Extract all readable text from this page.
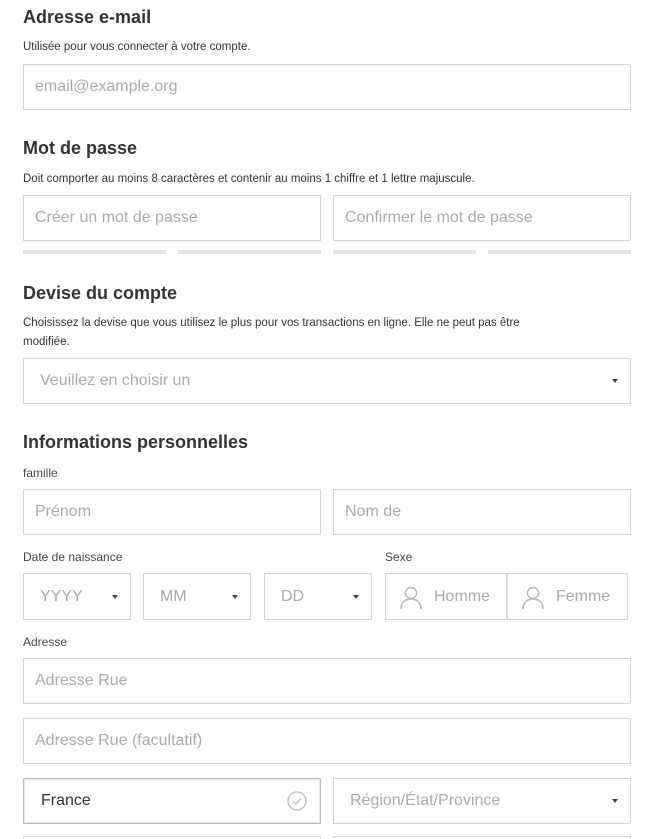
Adresse e-mail
Utilisée pour vous connecter à votre compte.
email@example.org
Mot de passe
Doit comporter au moins 8 caractères et contenir au moins 1 chiffre et 1 lettre majuscule.
Créer un mot de passe	Confirmer le mot de passe
Devise du compte
Choisissez la devise que vous utilisez le plus pour vos transactions en ligne. Elle ne peut pas être
modifiée.
Veuillez en choisir un
Informations personnelles
famille
Prénom	Nom de
Date de naissance	Sexe
YYYY	MM	DD	Homme	Femme
Adresse
Adresse Rue
Adresse Rue (facultatif)
France	Région/État/Province
